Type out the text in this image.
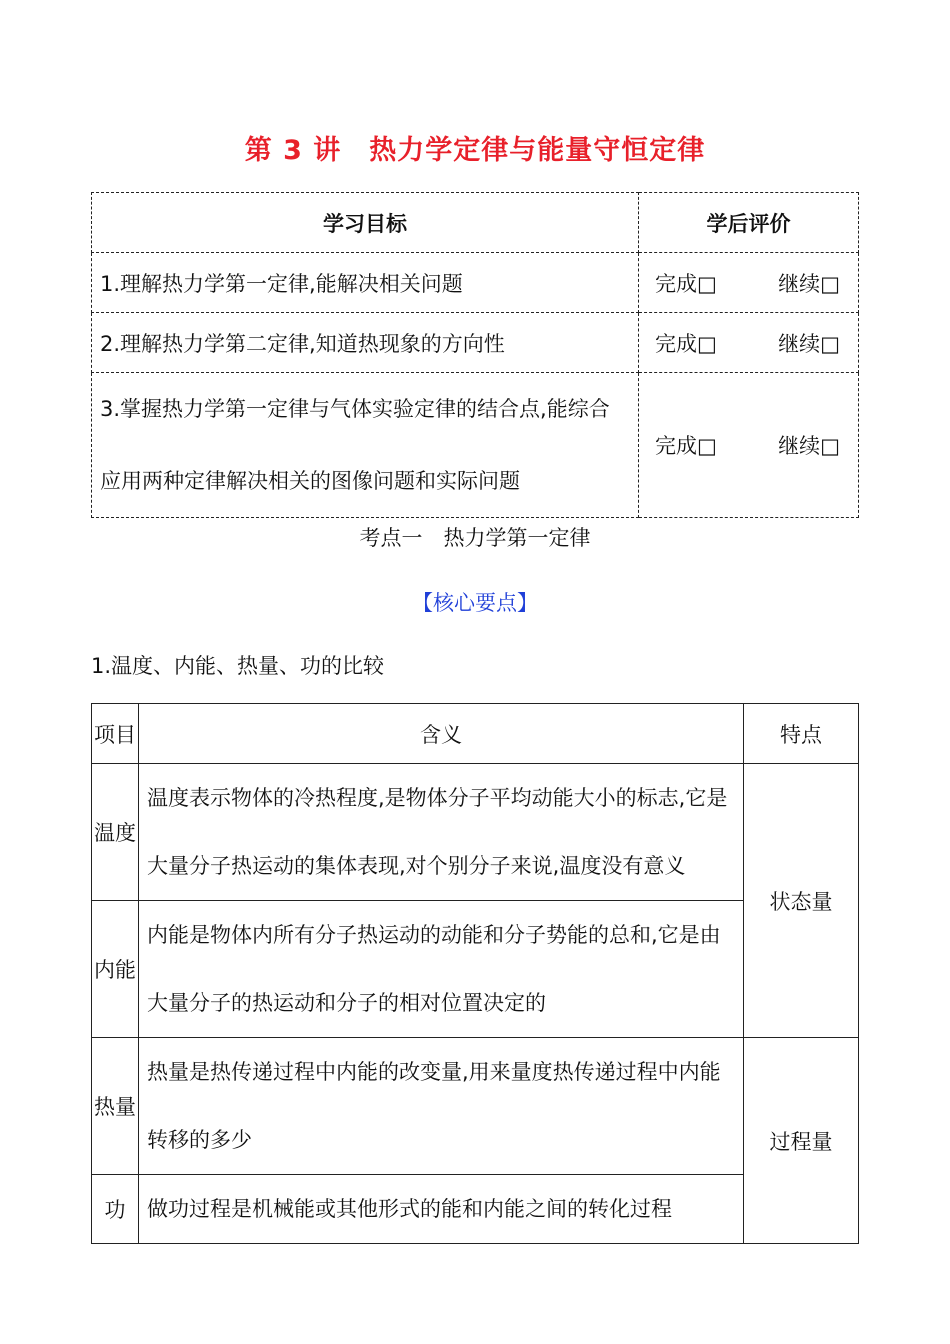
第 3 讲　热力学定律与能量守恒定律
学习目标	学后评价
1.理解热力学第一定律,能解决相关问题	完成□ 继续□

2.理解热力学第二定律,知道热现象的方向性	完成□ 继续□

3.掌握热力学第一定律与气体实验定律的结合点,能综合应用两种定律解决相关的图像问题和实际问题	完成□ 继续□
考点一　热力学第一定律
【核心要点】
1.温度、内能、热量、功的比较
项目	含义	特点
温度	温度表示物体的冷热程度,是物体分子平均动能大小的标志,它是大量分子热运动的集体表现,对个别分子来说,温度没有意义	状态量
内能	内能是物体内所有分子热运动的动能和分子势能的总和,它是由大量分子的热运动和分子的相对位置决定的	
热量	热量是热传递过程中内能的改变量,用来量度热传递过程中内能转移的多少	过程量
功	做功过程是机械能或其他形式的能和内能之间的转化过程	
